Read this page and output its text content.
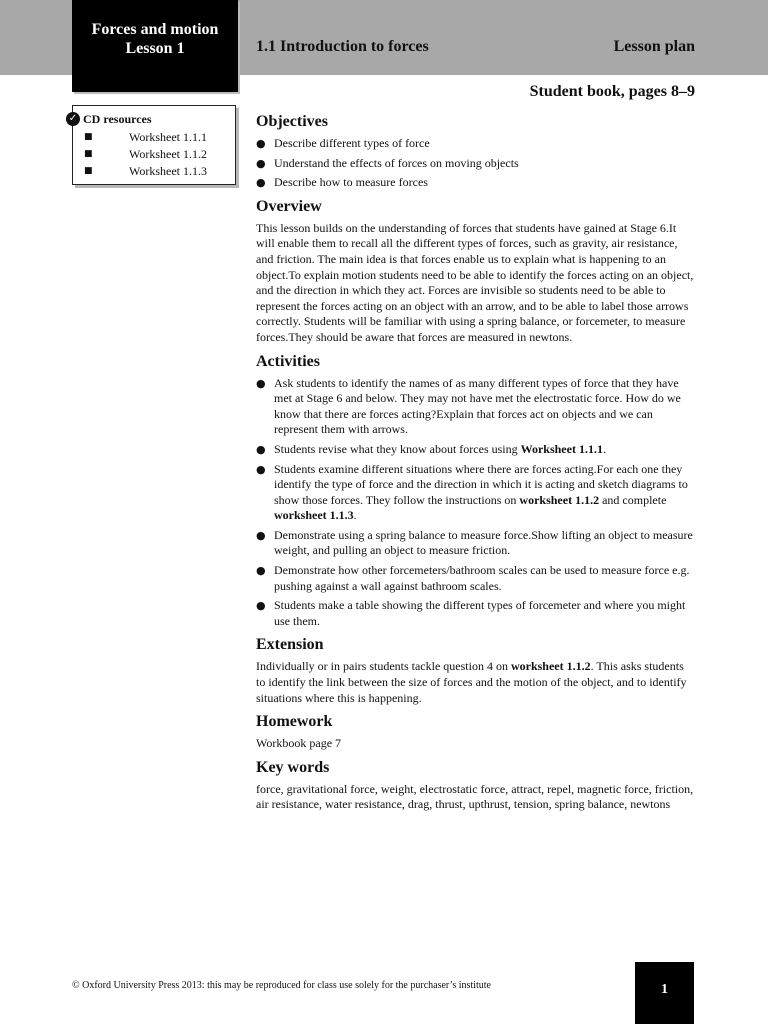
Forces and motion
Lesson 1	1.1 Introduction to forces	Lesson plan
Student book, pages 8–9
✓ CD resources
■	Worksheet 1.1.1
■	Worksheet 1.1.2
■	Worksheet 1.1.3
Objectives
● Describe different types of force
● Understand the effects of forces on moving objects
● Describe how to measure forces
Overview

This lesson builds on the understanding of forces that students have gained at Stage 6.It will enable them to recall all the different types of forces, such as gravity, air resistance, and friction. The main idea is that forces enable us to explain what is happening to an object.To explain motion students need to be able to identify the forces acting on an object, and the direction in which they act. Forces are invisible so students need to be able to represent the forces acting on an object with an arrow, and to be able to label those arrows correctly. Students will be familiar with using a spring balance, or forcemeter, to measure forces.They should be aware that forces are measured in newtons.

Activities
● Ask students to identify the names of as many different types of force that they have met at Stage 6 and below. They may not have met the electrostatic force. How do we know that there are forces acting?Explain that forces act on objects and we can represent them with arrows.
● Students revise what they know about forces using Worksheet 1.1.1.
● Students examine different situations where there are forces acting.For each one they identify the type of force and the direction in which it is acting and sketch diagrams to show those forces. They follow the instructions on worksheet 1.1.2 and complete worksheet 1.1.3.
● Demonstrate using a spring balance to measure force.Show lifting an object to measure weight, and pulling an object to measure friction.
● Demonstrate how other forcemeters/bathroom scales can be used to measure force e.g. pushing against a wall against bathroom scales.
● Students make a table showing the different types of forcemeter and where you might use them.
Extension

Individually or in pairs students tackle question 4 on worksheet 1.1.2. This asks students to identify the link between the size of forces and the motion of the object, and to identify situations where this is happening.

Homework

Workbook page 7

Key words

force, gravitational force, weight, electrostatic force, attract, repel, magnetic force, friction, air resistance, water resistance, drag, thrust, upthrust, tension, spring balance, newtons

© Oxford University Press 2013: this may be reproduced for class use solely for the purchaser’s institute	1
